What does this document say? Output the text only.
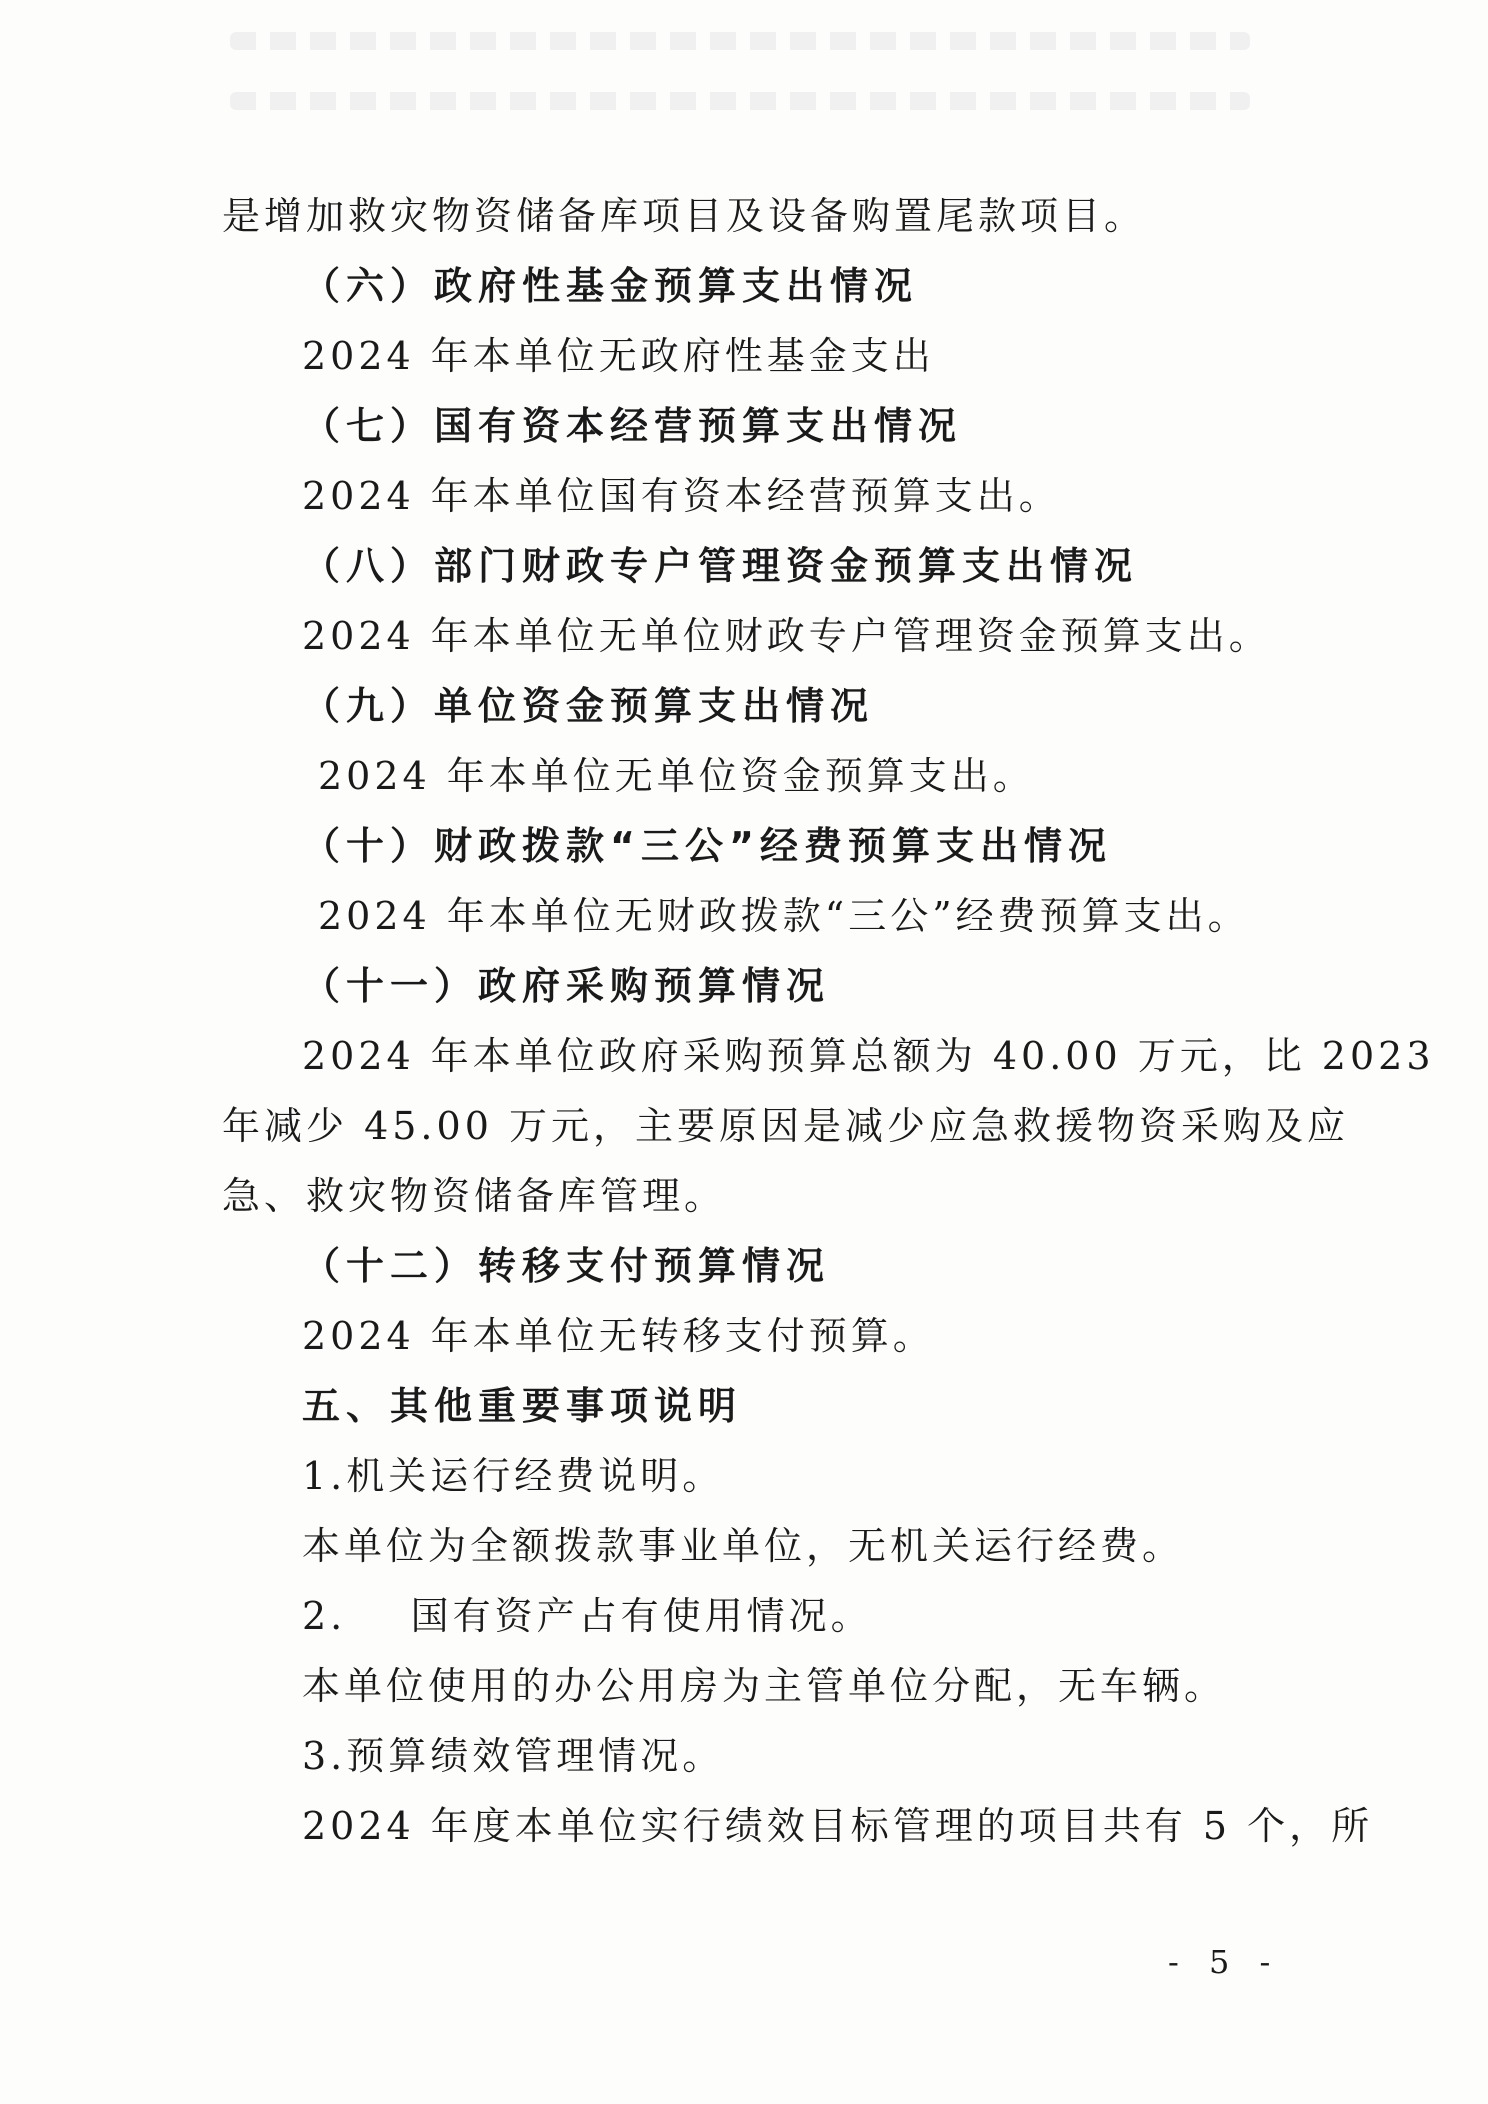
是增加救灾物资储备库项目及设备购置尾款项目。
（六）政府性基金预算支出情况
2024 年本单位无政府性基金支出
（七）国有资本经营预算支出情况
2024 年本单位国有资本经营预算支出。
（八）部门财政专户管理资金预算支出情况
2024 年本单位无单位财政专户管理资金预算支出。
（九）单位资金预算支出情况
2024 年本单位无单位资金预算支出。
（十）财政拨款“三公”经费预算支出情况
2024 年本单位无财政拨款“三公”经费预算支出。
（十一）政府采购预算情况
2024 年本单位政府采购预算总额为 40.00 万元，比 2023
年减少 45.00 万元，主要原因是减少应急救援物资采购及应
急、救灾物资储备库管理。
（十二）转移支付预算情况
2024 年本单位无转移支付预算。
五、其他重要事项说明
1.机关运行经费说明。
本单位为全额拨款事业单位，无机关运行经费。
2.    国有资产占有使用情况。
本单位使用的办公用房为主管单位分配，无车辆。
3.预算绩效管理情况。
2024 年度本单位实行绩效目标管理的项目共有 5 个，所
- 5 -
